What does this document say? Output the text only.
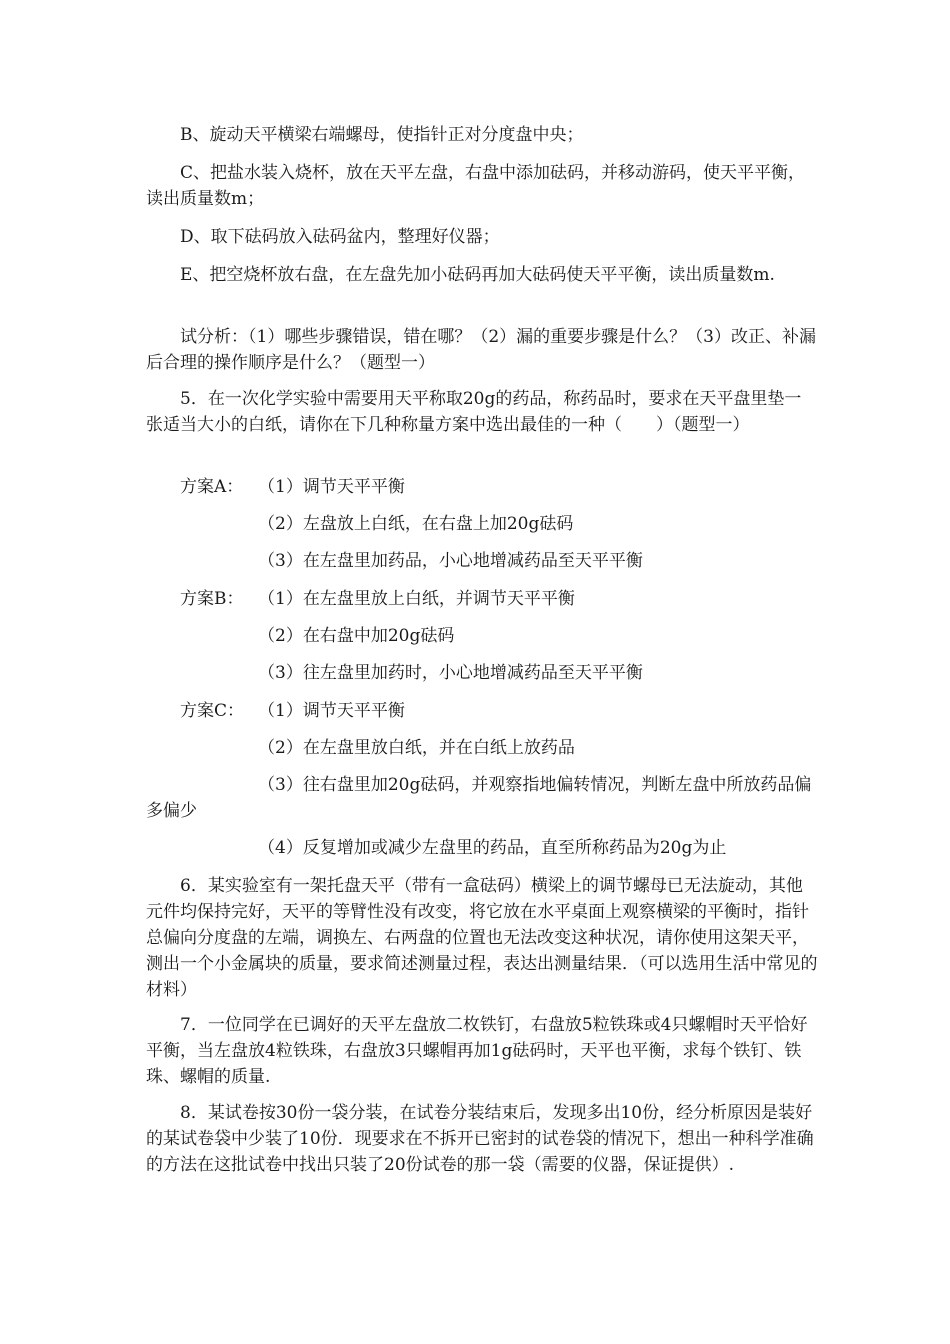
B、旋动天平横梁右端螺母，使指针正对分度盘中央；
C、把盐水装入烧杯，放在天平左盘，右盘中添加砝码，并移动游码，使天平平衡，读出质量数m；
D、取下砝码放入砝码盆内，整理好仪器；
E、把空烧杯放右盘，在左盘先加小砝码再加大砝码使天平平衡，读出质量数m.
试分析：（1）哪些步骤错误，错在哪？（2）漏的重要步骤是什么？（3）改正、补漏后合理的操作顺序是什么？（题型一）
5．在一次化学实验中需要用天平称取20g的药品，称药品时，要求在天平盘里垫一张适当大小的白纸，请你在下几种称量方案中选出最佳的一种（　　）（题型一）
方案A： （1）调节天平平衡
（2）左盘放上白纸，在右盘上加20g砝码
（3）在左盘里加药品，小心地增减药品至天平平衡
方案B： （1）在左盘里放上白纸，并调节天平平衡
（2）在右盘中加20g砝码
（3）往左盘里加药时，小心地增减药品至天平平衡
方案C： （1）调节天平平衡
（2）在左盘里放白纸，并在白纸上放药品
（3）往右盘里加20g砝码，并观察指地偏转情况，判断左盘中所放药品偏多偏少
（4）反复增加或减少左盘里的药品，直至所称药品为20g为止
6．某实验室有一架托盘天平（带有一盒砝码）横梁上的调节螺母已无法旋动，其他元件均保持完好，天平的等臂性没有改变，将它放在水平桌面上观察横梁的平衡时，指针总偏向分度盘的左端，调换左、右两盘的位置也无法改变这种状况，请你使用这架天平，测出一个小金属块的质量，要求简述测量过程，表达出测量结果．（可以选用生活中常见的材料）
7．一位同学在已调好的天平左盘放二枚铁钉，右盘放5粒铁珠或4只螺帽时天平恰好平衡，当左盘放4粒铁珠，右盘放3只螺帽再加1g砝码时，天平也平衡，求每个铁钉、铁珠、螺帽的质量.
8．某试卷按30份一袋分装，在试卷分装结束后，发现多出10份，经分析原因是装好的某试卷袋中少装了10份．现要求在不拆开已密封的试卷袋的情况下，想出一种科学准确的方法在这批试卷中找出只装了20份试卷的那一袋（需要的仪器，保证提供）.
